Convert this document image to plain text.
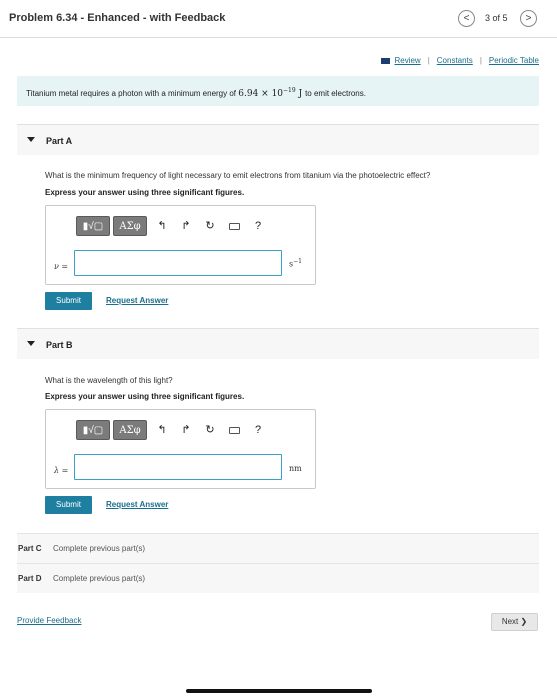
Problem 6.34 - Enhanced - with Feedback	<	3 of 5	>
Review | Constants | Periodic Table
Titanium metal requires a photon with a minimum energy of $6.94 \times 10^{-19}$ J to emit electrons.
Part A
What is the minimum frequency of light necessary to emit electrons from titanium via the photoelectric effect?
Express your answer using three significant figures.
▮√▢	ΑΣφ	↰	↱	↻	?
ν =	$s^{-1}$
Submit	Request Answer
Part B
What is the wavelength of this light?
Express your answer using three significant figures.
▮√▢	ΑΣφ	↰	↱	↻	?
λ =	nm
Submit	Request Answer
Part C Complete previous part(s)
Part D Complete previous part(s)
Provide Feedback	Next ❯
